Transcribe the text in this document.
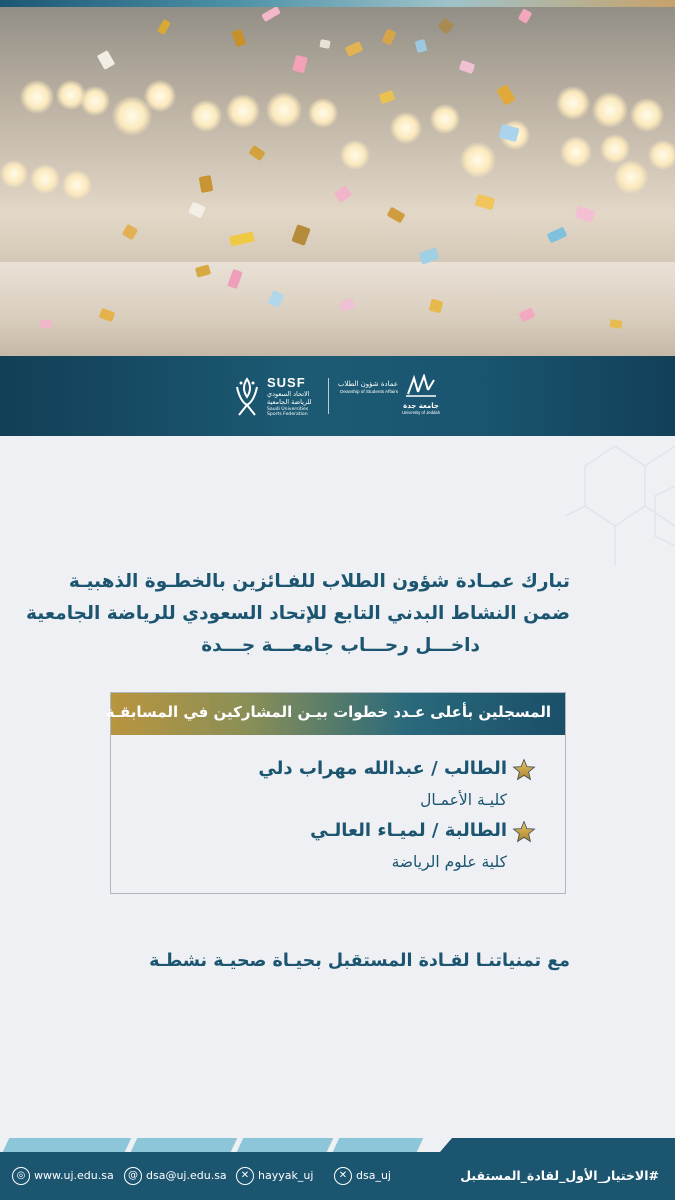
SUSF
الاتحاد السعودي للرياضة الجامعية
Saudi Universities Sports Federation
عمادة شؤون الطلاب
Deanship of Students Affairs
جامعة جدة
University of Jeddah
تبارك عمـادة شؤون الطلاب للفـائزين بالخطـوة الذهبيـة
ضمن النشاط البدني التابع للإتحاد السعودي للرياضة الجامعية
داخـــل رحـــاب جامعـــة جـــدة
المسجلين بأعلى عـدد خطوات بيـن المشاركين في المسابقـة
الطالب / عبدالله مهراب دلي
كليـة الأعمـال
الطالبة / لميـاء العالـي
كلية علوم الرياضة
مع تمنياتنـا لقـادة المستقبل بحيـاة صحيـة نشطـة
◎ www.uj.edu.sa	@ dsa@uj.edu.sa	✕ hayyak_uj	✕ dsa_uj	#الاختيار_الأول_لقادة_المستقبل
